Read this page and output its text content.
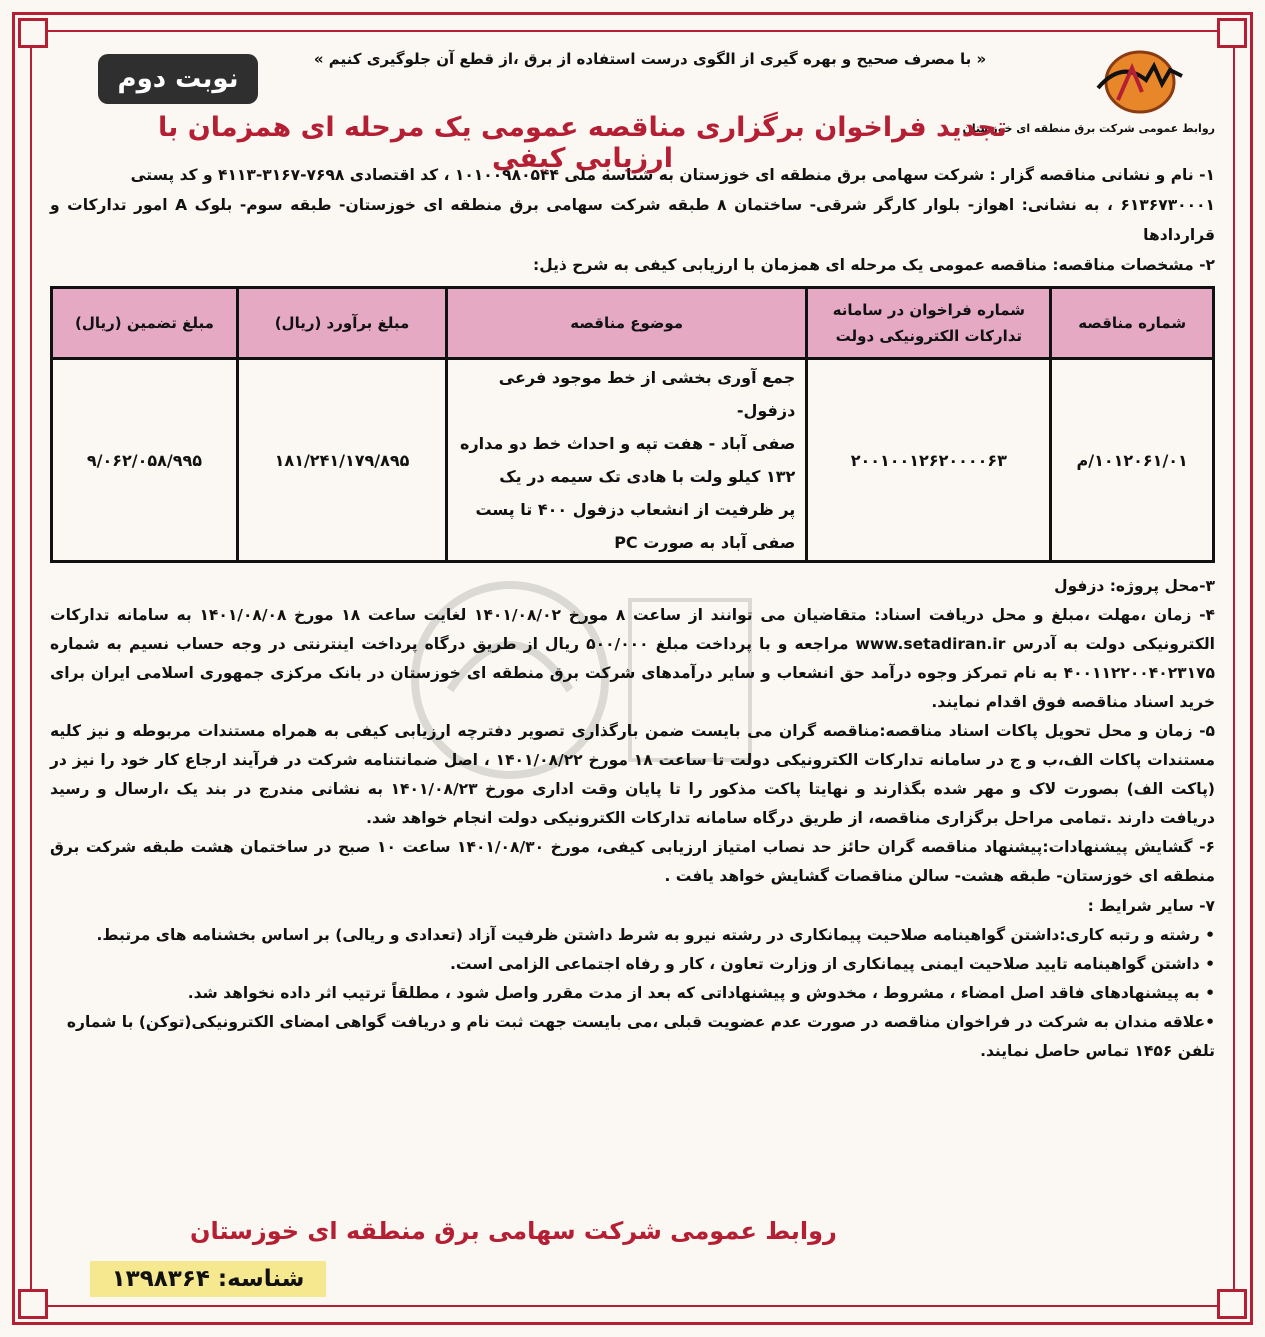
روابط عمومی شرکت برق منطقه ای خوزستان
« با مصرف صحیح و بهره گیری از الگوی درست استفاده از برق ،از قطع آن جلوگیری کنیم »
نوبت دوم
تجدید فراخوان برگزاری مناقصه عمومی یک مرحله ای همزمان با ارزیابی کیفی

۱- نام و نشانی مناقصه گزار : شرکت سهامی برق منطقه ای خوزستان به شناسه ملی ۱۰۱۰۰۹۸۰۵۴۴ ، کد اقتصادی ۷۶۹۸-۳۱۶۷-۴۱۱۳ و کد پستی

۶۱۳۶۷۳۰۰۰۱ ، به نشانی: اهواز- بلوار کارگر شرقی- ساختمان ۸ طبقه شرکت سهامی برق منطقه ای خوزستان- طبقه سوم- بلوک A امور تدارکات و قراردادها

۲- مشخصات مناقصه: مناقصه عمومی یک مرحله ای همزمان با ارزیابی کیفی به شرح ذیل:

شماره مناقصه	شماره فراخوان در سامانه تدارکات الکترونیکی دولت	موضوع مناقصه	مبلغ برآورد (ریال)	مبلغ تضمین (ریال)
۱۰۱۲۰۶۱/۰۱/م	۲۰۰۱۰۰۱۲۶۲۰۰۰۰۶۳	جمع آوری بخشی از خط موجود فرعی دزفول-
صفی آباد - هفت تپه و احداث خط دو مداره
۱۳۲ کیلو ولت با هادی تک سیمه در یک
پر ظرفیت از انشعاب دزفول ۴۰۰ تا پست
صفی آباد به صورت PC	۱۸۱/۲۴۱/۱۷۹/۸۹۵	۹/۰۶۲/۰۵۸/۹۹۵

۳-محل پروژه: دزفول

۴- زمان ،مهلت ،مبلغ و محل دریافت اسناد: متقاضیان می توانند از ساعت ۸ مورخ ۱۴۰۱/۰۸/۰۲ لغایت ساعت ۱۸ مورخ ۱۴۰۱/۰۸/۰۸ به سامانه تدارکات الکترونیکی دولت به آدرس www.setadiran.ir مراجعه و با پرداخت مبلغ ۵۰۰/۰۰۰ ریال از طریق درگاه پرداخت اینترنتی در وجه حساب نسیم به شماره ۴۰۰۱۱۲۲۰۰۴۰۲۳۱۷۵ به نام تمرکز وجوه درآمد حق انشعاب و سایر درآمدهای شرکت برق منطقه ای خوزستان در بانک مرکزی جمهوری اسلامی ایران برای خرید اسناد مناقصه فوق اقدام نمایند.

۵- زمان و محل تحویل پاکات اسناد مناقصه:مناقصه گران می بایست ضمن بارگذاری تصویر دفترچه ارزیابی کیفی به همراه مستندات مربوطه و نیز کلیه مستندات پاکات الف،ب و ج در سامانه تدارکات الکترونیکی دولت تا ساعت ۱۸ مورخ ۱۴۰۱/۰۸/۲۲ ، اصل ضمانتنامه شرکت در فرآیند ارجاع کار خود را نیز در (پاکت الف) بصورت لاک و مهر شده بگذارند و نهایتا پاکت مذکور را تا پایان وقت اداری مورخ ۱۴۰۱/۰۸/۲۳ به نشانی مندرج در بند یک ،ارسال و رسید دریافت دارند .تمامی مراحل برگزاری مناقصه، از طریق درگاه سامانه تدارکات الکترونیکی دولت انجام خواهد شد.

۶- گشایش پیشنهادات:پیشنهاد مناقصه گران حائز حد نصاب امتیاز ارزیابی کیفی، مورخ ۱۴۰۱/۰۸/۳۰ ساعت ۱۰ صبح در ساختمان هشت طبقه شرکت برق منطقه ای خوزستان- طبقه هشت- سالن مناقصات گشایش خواهد یافت .

۷- سایر شرایط :

• رشته و رتبه کاری:داشتن گواهینامه صلاحیت پیمانکاری در رشته نیرو به شرط داشتن ظرفیت آزاد (تعدادی و ریالی) بر اساس بخشنامه های مرتبط.

• داشتن گواهینامه تایید صلاحیت ایمنی پیمانکاری از وزارت تعاون ، کار و رفاه اجتماعی الزامی است.

• به پیشنهادهای فاقد اصل امضاء ، مشروط ، مخدوش و پیشنهاداتی که بعد از مدت مقرر واصل شود ، مطلقاً ترتیب اثر داده نخواهد شد.

•علاقه مندان به شرکت در فراخوان مناقصه در صورت عدم عضویت قبلی ،می بایست جهت ثبت نام و دریافت گواهی امضای الکترونیکی(توکن) با شماره تلفن ۱۴۵۶ تماس حاصل نمایند.

روابط عمومی شرکت سهامی برق منطقه ای خوزستان
شناسه: ۱۳۹۸۳۶۴
